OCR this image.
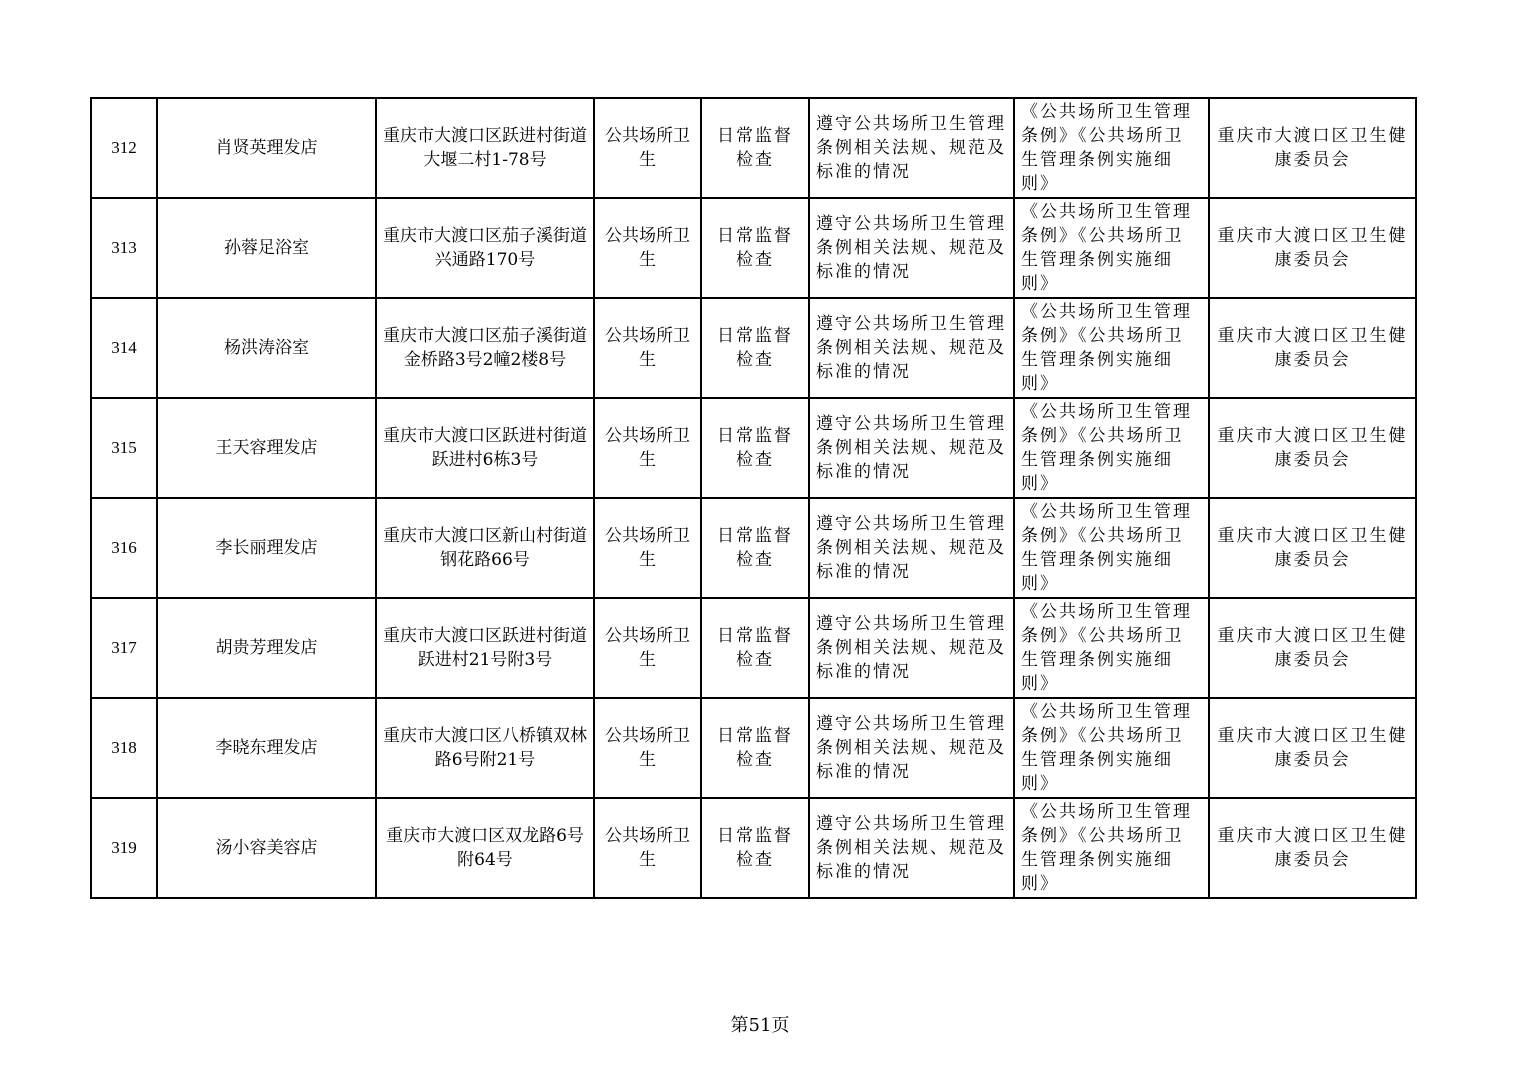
312	肖贤英理发店	重庆市大渡口区跃进村街道大堰二村1-78号	公共场所卫生	日常监督检查	遵守公共场所卫生管理条例相关法规、规范及标准的情况	《公共场所卫生管理条例》《公共场所卫生管理条例实施细则》	重庆市大渡口区卫生健康委员会
313	孙蓉足浴室	重庆市大渡口区茄子溪街道兴通路170号	公共场所卫生	日常监督检查	遵守公共场所卫生管理条例相关法规、规范及标准的情况	《公共场所卫生管理条例》《公共场所卫生管理条例实施细则》	重庆市大渡口区卫生健康委员会
314	杨洪涛浴室	重庆市大渡口区茄子溪街道金桥路3号2幢2楼8号	公共场所卫生	日常监督检查	遵守公共场所卫生管理条例相关法规、规范及标准的情况	《公共场所卫生管理条例》《公共场所卫生管理条例实施细则》	重庆市大渡口区卫生健康委员会
315	王天容理发店	重庆市大渡口区跃进村街道跃进村6栋3号	公共场所卫生	日常监督检查	遵守公共场所卫生管理条例相关法规、规范及标准的情况	《公共场所卫生管理条例》《公共场所卫生管理条例实施细则》	重庆市大渡口区卫生健康委员会
316	李长丽理发店	重庆市大渡口区新山村街道钢花路66号	公共场所卫生	日常监督检查	遵守公共场所卫生管理条例相关法规、规范及标准的情况	《公共场所卫生管理条例》《公共场所卫生管理条例实施细则》	重庆市大渡口区卫生健康委员会
317	胡贵芳理发店	重庆市大渡口区跃进村街道跃进村21号附3号	公共场所卫生	日常监督检查	遵守公共场所卫生管理条例相关法规、规范及标准的情况	《公共场所卫生管理条例》《公共场所卫生管理条例实施细则》	重庆市大渡口区卫生健康委员会
318	李晓东理发店	重庆市大渡口区八桥镇双林路6号附21号	公共场所卫生	日常监督检查	遵守公共场所卫生管理条例相关法规、规范及标准的情况	《公共场所卫生管理条例》《公共场所卫生管理条例实施细则》	重庆市大渡口区卫生健康委员会
319	汤小容美容店	重庆市大渡口区双龙路6号附64号	公共场所卫生	日常监督检查	遵守公共场所卫生管理条例相关法规、规范及标准的情况	《公共场所卫生管理条例》《公共场所卫生管理条例实施细则》	重庆市大渡口区卫生健康委员会
第51页
